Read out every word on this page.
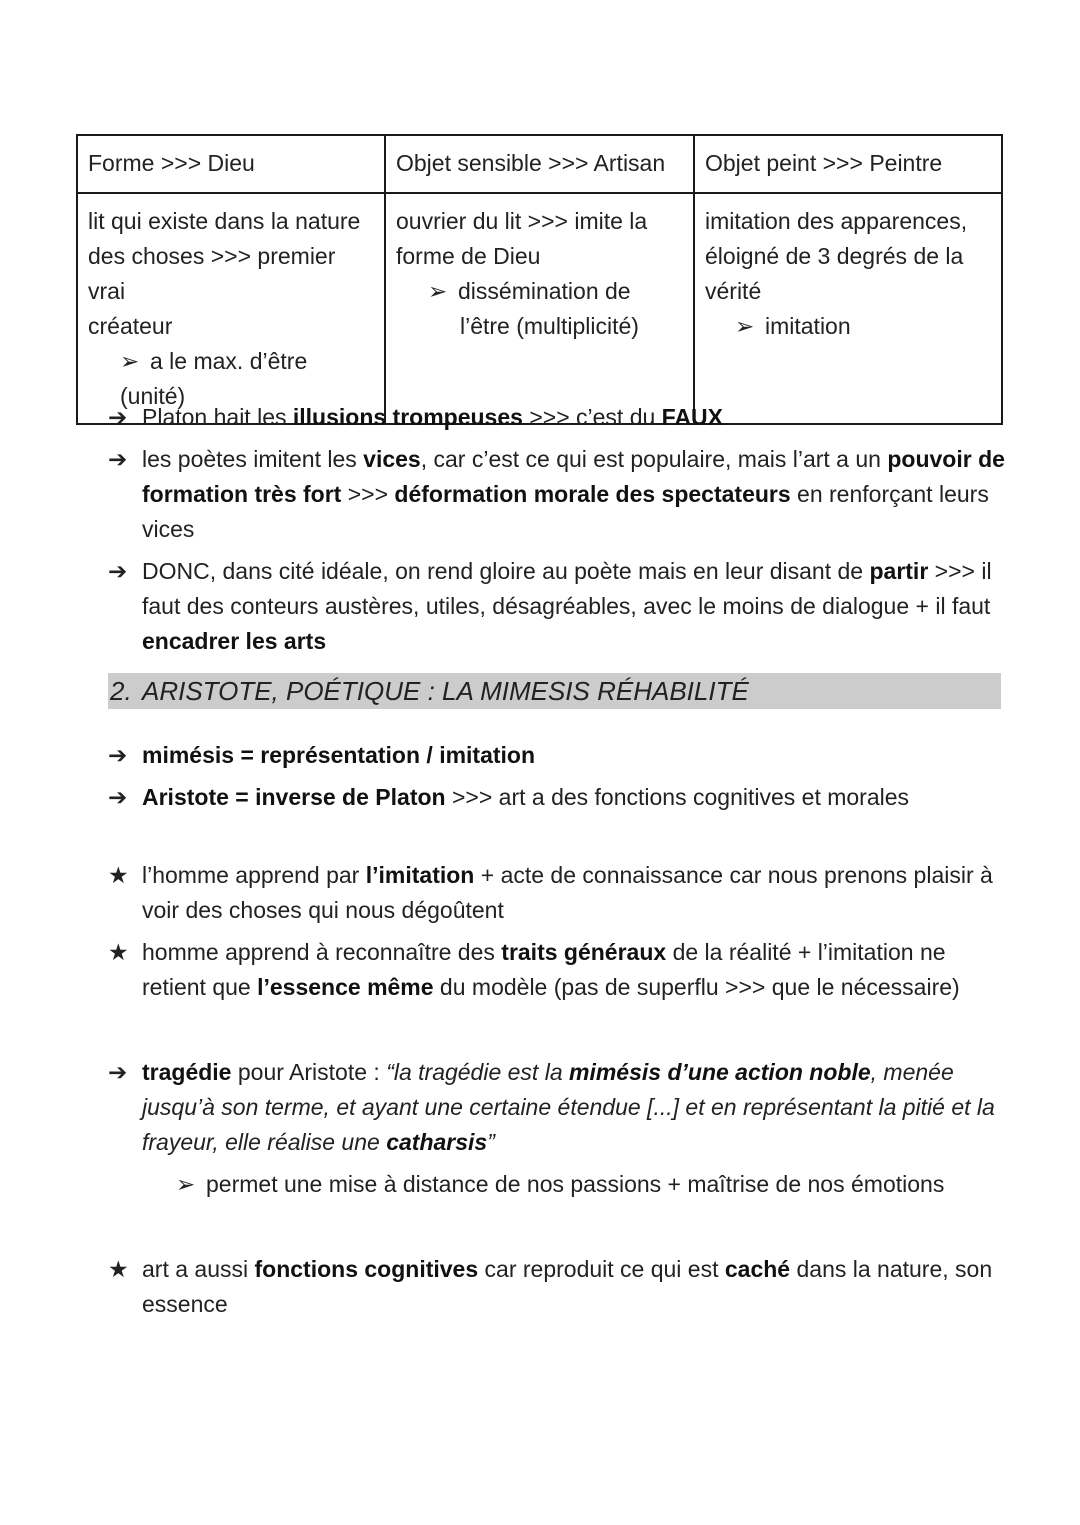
Forme >>> Dieu	Objet sensible >>> Artisan	Objet peint >>> Peintre

lit qui existe dans la nature
des choses >>> premier vrai
créateur
➢ a le max. d’être (unité)	ouvrier du lit >>> imite la
forme de Dieu
➢ dissémination de
l’être (multiplicité)	imitation des apparences,
éloigné de 3 degrés de la
vérité
➢ imitation

➔ Platon hait les illusions trompeuses >>> c’est du FAUX

➔ les poètes imitent les vices, car c’est ce qui est populaire, mais l’art a un pouvoir de formation très fort >>> déformation morale des spectateurs en renforçant leurs vices

➔ DONC, dans cité idéale, on rend gloire au poète mais en leur disant de partir >>> il faut des conteurs austères, utiles, désagréables, avec le moins de dialogue + il faut encadrer les arts

2. ARISTOTE, POÉTIQUE : LA MIMESIS RÉHABILITÉ

➔ mimésis = représentation / imitation

➔ Aristote = inverse de Platon >>> art a des fonctions cognitives et morales

★ l’homme apprend par l’imitation + acte de connaissance car nous prenons plaisir à voir des choses qui nous dégoûtent

★ homme apprend à reconnaître des traits généraux de la réalité + l’imitation ne retient que l’essence même du modèle (pas de superflu >>> que le nécessaire)

➔ tragédie pour Aristote : “la tragédie est la mimésis d’une action noble, menée jusqu’à son terme, et ayant une certaine étendue [...] et en représentant la pitié et la frayeur, elle réalise une catharsis”

➢ permet une mise à distance de nos passions + maîtrise de nos émotions

★ art a aussi fonctions cognitives car reproduit ce qui est caché dans la nature, son essence
